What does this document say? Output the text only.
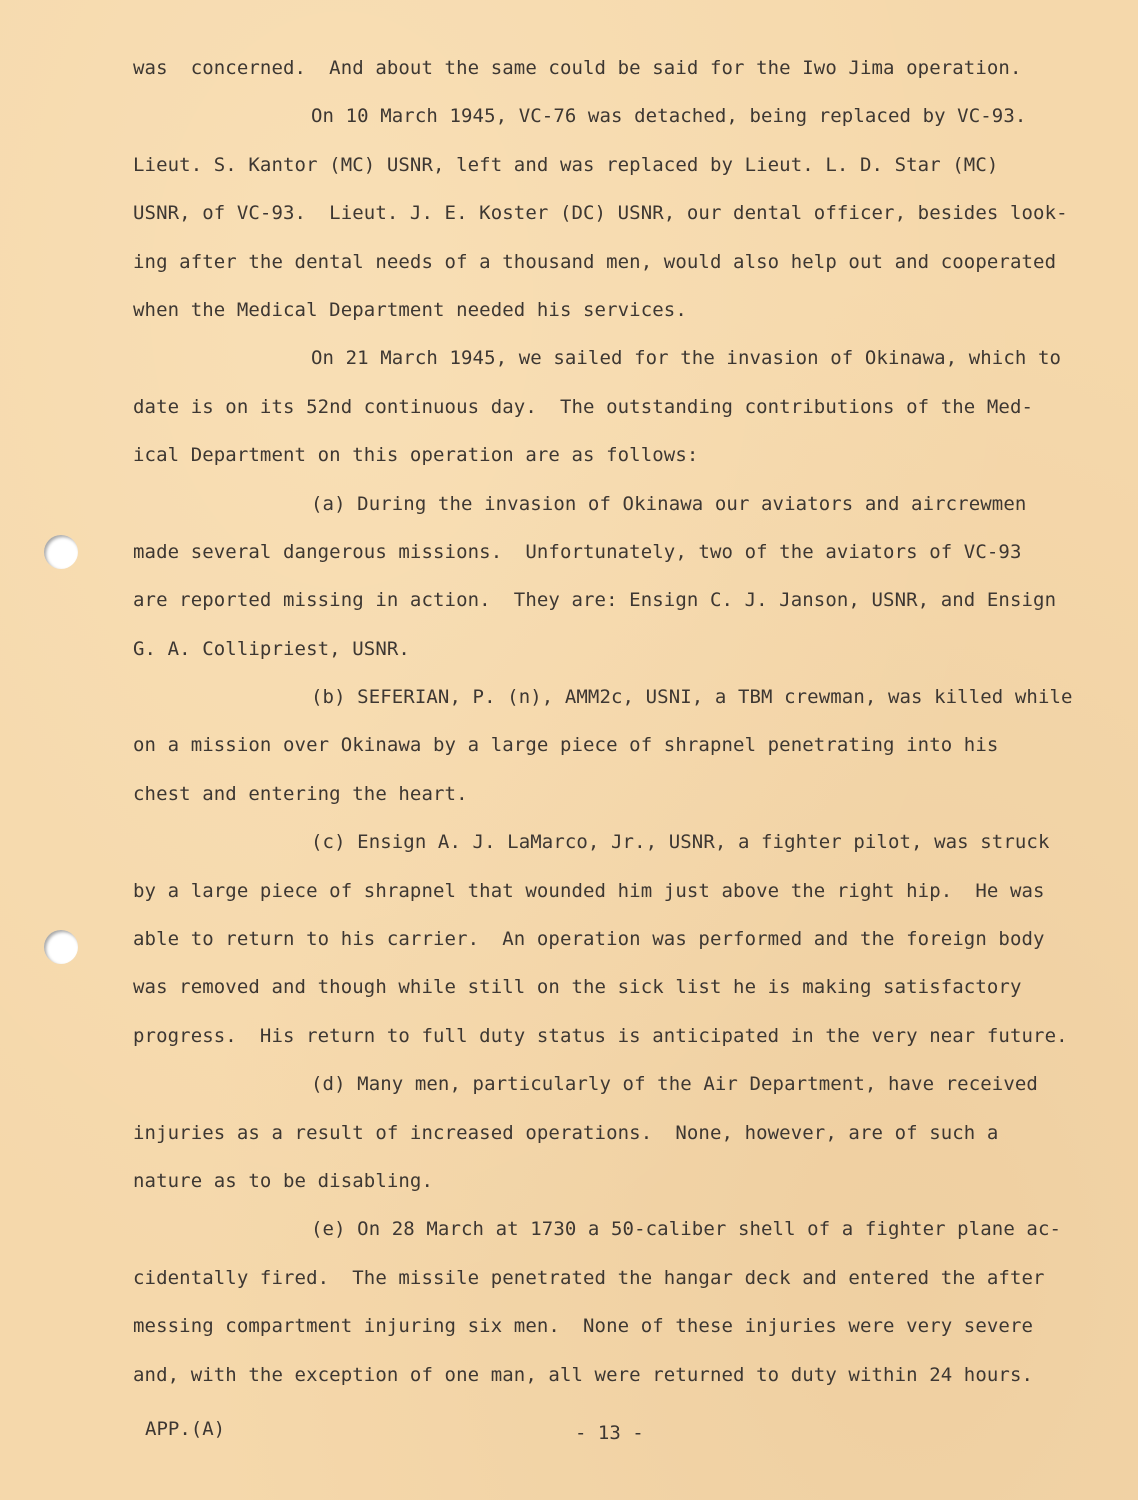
was  concerned.  And about the same could be said for the Iwo Jima operation.
On 10 March 1945, VC-76 was detached, being replaced by VC-93.
Lieut. S. Kantor (MC) USNR, left and was replaced by Lieut. L. D. Star (MC)
USNR, of VC-93.  Lieut. J. E. Koster (DC) USNR, our dental officer, besides look-
ing after the dental needs of a thousand men, would also help out and cooperated
when the Medical Department needed his services.
On 21 March 1945, we sailed for the invasion of Okinawa, which to
date is on its 52nd continuous day.  The outstanding contributions of the Med-
ical Department on this operation are as follows:
(a) During the invasion of Okinawa our aviators and aircrewmen
made several dangerous missions.  Unfortunately, two of the aviators of VC-93
are reported missing in action.  They are: Ensign C. J. Janson, USNR, and Ensign
G. A. Collipriest, USNR.
(b) SEFERIAN, P. (n), AMM2c, USNI, a TBM crewman, was killed while
on a mission over Okinawa by a large piece of shrapnel penetrating into his
chest and entering the heart.
(c) Ensign A. J. LaMarco, Jr., USNR, a fighter pilot, was struck
by a large piece of shrapnel that wounded him just above the right hip.  He was
able to return to his carrier.  An operation was performed and the foreign body
was removed and though while still on the sick list he is making satisfactory
progress.  His return to full duty status is anticipated in the very near future.
(d) Many men, particularly of the Air Department, have received
injuries as a result of increased operations.  None, however, are of such a
nature as to be disabling.
(e) On 28 March at 1730 a 50-caliber shell of a fighter plane ac-
cidentally fired.  The missile penetrated the hangar deck and entered the after
messing compartment injuring six men.  None of these injuries were very severe
and, with the exception of one man, all were returned to duty within 24 hours.
APP.(A)	- 13 -
